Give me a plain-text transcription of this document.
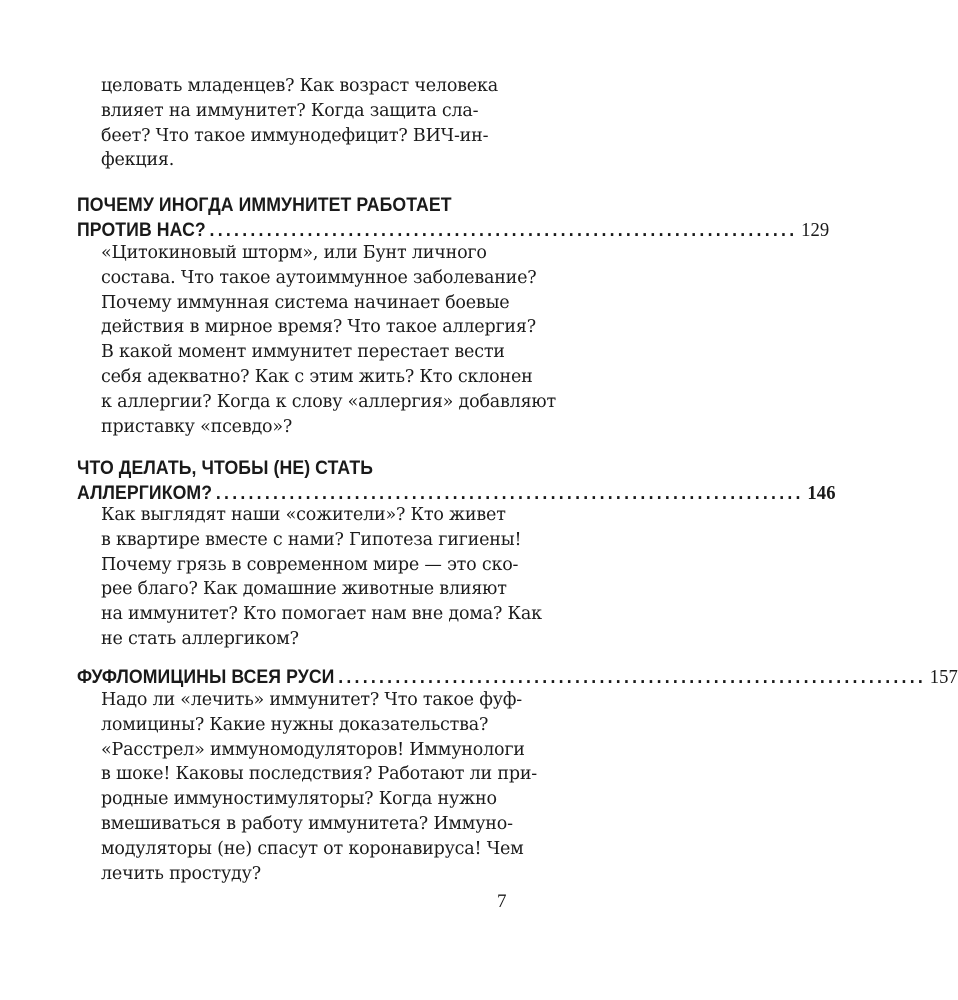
целовать младенцев? Как возраст человека
влияет на иммунитет? Когда защита сла-
беет? Что такое иммунодефицит? ВИЧ-ин-
фекция.
ПОЧЕМУ ИНОГДА ИММУНИТЕТ РАБОТАЕТ
ПРОТИВ НАС? ........................................................................ 129
«Цитокиновый шторм», или Бунт личного
состава. Что такое аутоиммунное заболевание?
Почему иммунная система начинает боевые
действия в мирное время? Что такое аллергия?
В какой момент иммунитет перестает вести
себя адекватно? Как с этим жить? Кто склонен
к аллергии? Когда к слову «аллергия» добавляют
приставку «псевдо»?
ЧТО ДЕЛАТЬ, ЧТОБЫ (НЕ) СТАТЬ
АЛЛЕРГИКОМ? ........................................................................ 146
Как выглядят наши «сожители»? Кто живет
в квартире вместе с нами? Гипотеза гигиены!
Почему грязь в современном мире — это ско-
рее благо? Как домашние животные влияют
на иммунитет? Кто помогает нам вне дома? Как
не стать аллергиком?
ФУФЛОМИЦИНЫ ВСЕЯ РУСИ ........................................................................ 157
Надо ли «лечить» иммунитет? Что такое фуф-
ломицины? Какие нужны доказательства?
«Расстрел» иммуномодуляторов! Иммунологи
в шоке! Каковы последствия? Работают ли при-
родные иммуностимуляторы? Когда нужно
вмешиваться в работу иммунитета? Иммуно-
модуляторы (не) спасут от коронавируса! Чем
лечить простуду?
7
